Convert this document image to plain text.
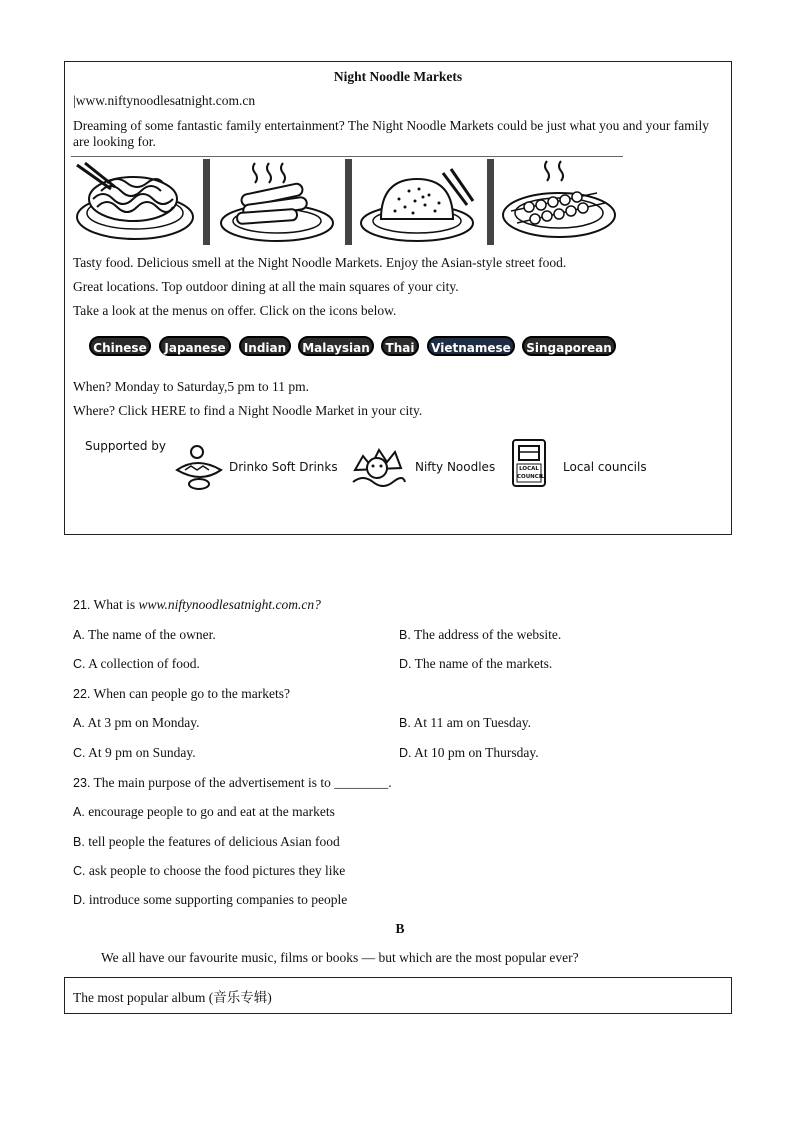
Night Noodle Markets
|www.niftynoodlesatnight.com.cn
Dreaming of some fantastic family entertainment? The Night Noodle Markets could be just what you and your family are looking for.
Tasty food. Delicious smell at the Night Noodle Markets. Enjoy the Asian-style street food.
Great locations. Top outdoor dining at all the main squares of your city.
Take a look at the menus on offer. Click on the icons below.
Chinese	Japanese	Indian	Malaysian	Thai	Vietnamese	Singaporean
When? Monday to Saturday,5 pm to 11 pm.
Where? Click HERE to find a Night Noodle Market in your city.
Supported by
Drinko Soft Drinks	Nifty Noodles	LOCAL COUNCIL
Local councils
21. What is www.niftynoodlesatnight.com.cn?
A. The name of the owner.	B. The address of the website.
C. A collection of food.	D. The name of the markets.
22. When can people go to the markets?
A. At 3 pm on Monday.	B. At 11 am on Tuesday.
C. At 9 pm on Sunday.	D. At 10 pm on Thursday.
23. The main purpose of the advertisement is to ________.
A. encourage people to go and eat at the markets
B. tell people the features of delicious Asian food
C. ask people to choose the food pictures they like
D. introduce some supporting companies to people
B
We all have our favourite music, films or books — but which are the most popular ever?
The most popular album (音乐专辑)
